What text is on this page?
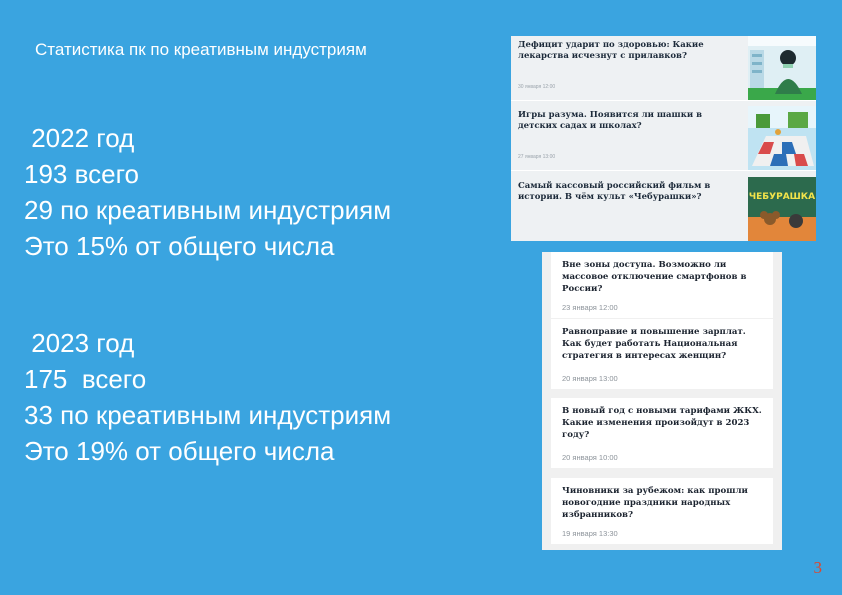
Статистика пк по креативным индустриям
2022 год
193 всего
29 по креативным индустриям
Это 15% от общего числа
2023 год
175  всего
33 по креативным индустриям
Это 19% от общего числа
Дефицит ударит по здоровью: Какие лекарства исчезнут с прилавков?
30 января 12:00
Игры разума. Появится ли шашки в детских садах и школах?
27 января 13:00
Самый кассовый российский фильм в истории. В чём культ «Чебурашки»?	ЧЕБУРАШКА
Вне зоны доступа. Возможно ли массовое отключение смартфонов в России?
23 января 12:00
Равноправие и повышение зарплат. Как будет работать Национальная стратегия в интересах женщин?
20 января 13:00
В новый год с новыми тарифами ЖКХ. Какие изменения произойдут в 2023 году?
20 января 10:00
Чиновники за рубежом: как прошли новогодние праздники народных избранников?
19 января 13:30
3
